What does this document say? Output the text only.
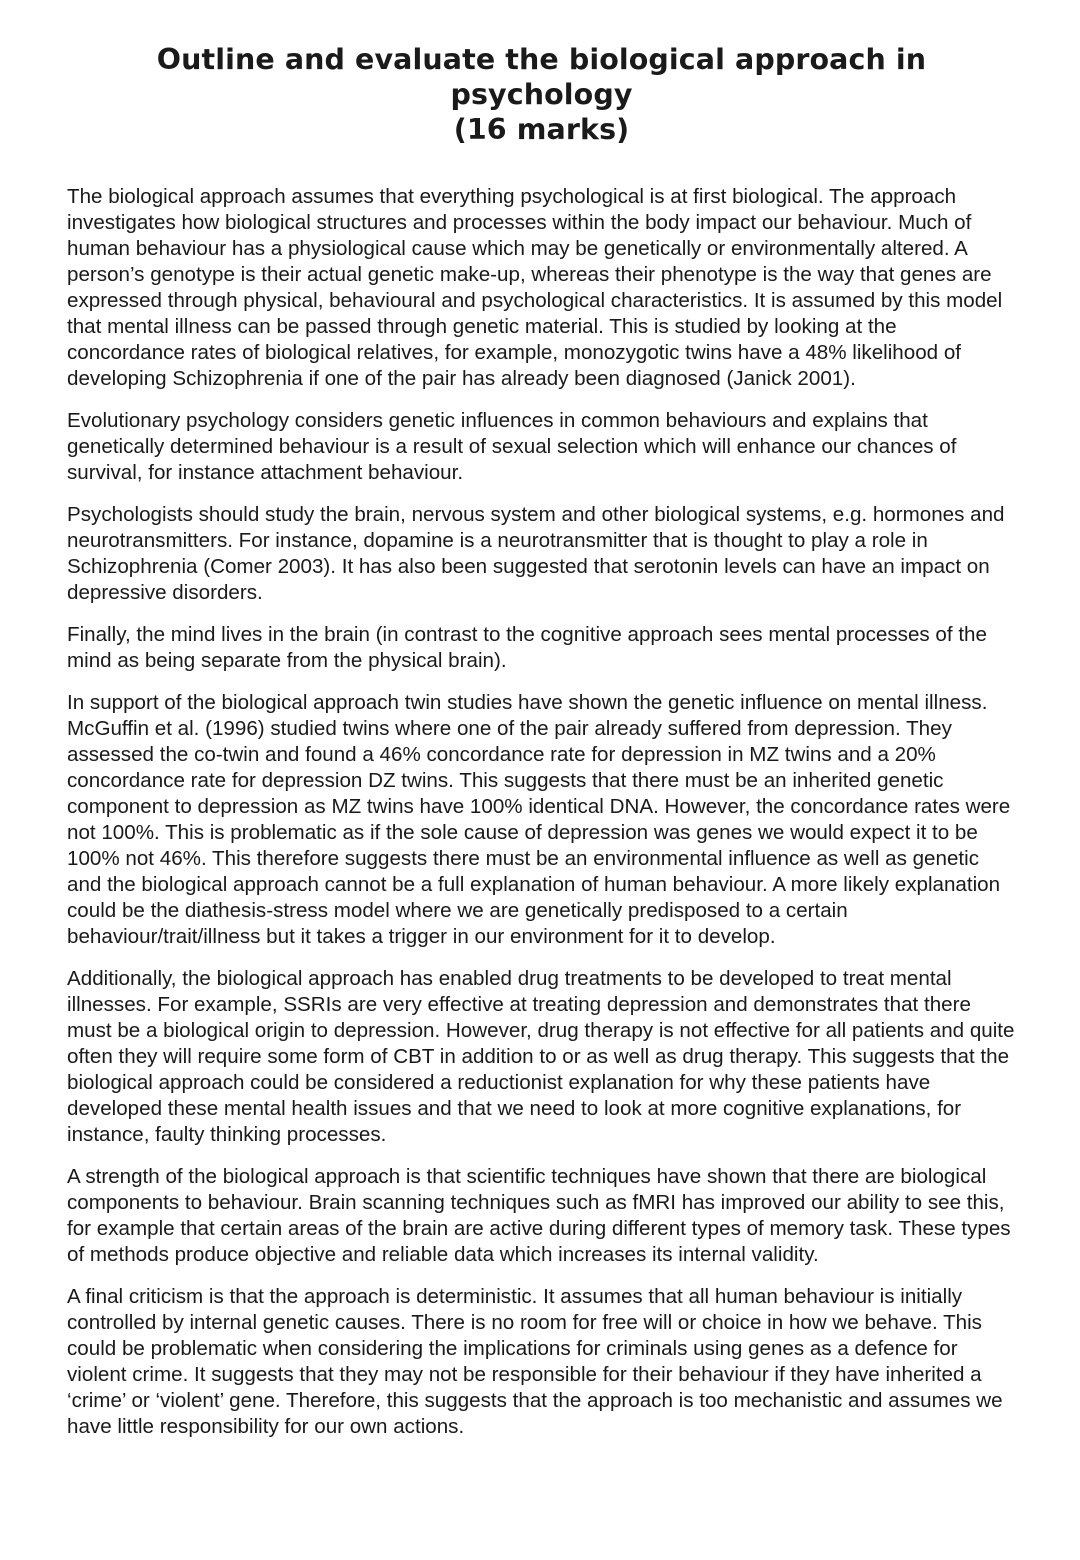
Outline and evaluate the biological approach in psychology
(16 marks)

The biological approach assumes that everything psychological is at first biological. The approach investigates how biological structures and processes within the body impact our behaviour. Much of human behaviour has a physiological cause which may be genetically or environmentally altered. A person’s genotype is their actual genetic make-up, whereas their phenotype is the way that genes are expressed through physical, behavioural and psychological characteristics. It is assumed by this model that mental illness can be passed through genetic material. This is studied by looking at the concordance rates of biological relatives, for example, monozygotic twins have a 48% likelihood of developing Schizophrenia if one of the pair has already been diagnosed (Janick 2001).

Evolutionary psychology considers genetic influences in common behaviours and explains that genetically determined behaviour is a result of sexual selection which will enhance our chances of survival, for instance attachment behaviour.

Psychologists should study the brain, nervous system and other biological systems, e.g. hormones and neurotransmitters. For instance, dopamine is a neurotransmitter that is thought to play a role in Schizophrenia (Comer 2003). It has also been suggested that serotonin levels can have an impact on depressive disorders.

Finally, the mind lives in the brain (in contrast to the cognitive approach sees mental processes of the mind as being separate from the physical brain).

In support of the biological approach twin studies have shown the genetic influence on mental illness. McGuffin et al. (1996) studied twins where one of the pair already suffered from depression. They assessed the co-twin and found a 46% concordance rate for depression in MZ twins and a 20% concordance rate for depression DZ twins. This suggests that there must be an inherited genetic component to depression as MZ twins have 100% identical DNA. However, the concordance rates were not 100%. This is problematic as if the sole cause of depression was genes we would expect it to be 100% not 46%. This therefore suggests there must be an environmental influence as well as genetic and the biological approach cannot be a full explanation of human behaviour. A more likely explanation could be the diathesis-stress model where we are genetically predisposed to a certain behaviour/trait/illness but it takes a trigger in our environment for it to develop.

Additionally, the biological approach has enabled drug treatments to be developed to treat mental illnesses. For example, SSRIs are very effective at treating depression and demonstrates that there must be a biological origin to depression. However, drug therapy is not effective for all patients and quite often they will require some form of CBT in addition to or as well as drug therapy. This suggests that the biological approach could be considered a reductionist explanation for why these patients have developed these mental health issues and that we need to look at more cognitive explanations, for instance, faulty thinking processes.

A strength of the biological approach is that scientific techniques have shown that there are biological components to behaviour. Brain scanning techniques such as fMRI has improved our ability to see this, for example that certain areas of the brain are active during different types of memory task. These types of methods produce objective and reliable data which increases its internal validity.

A final criticism is that the approach is deterministic. It assumes that all human behaviour is initially controlled by internal genetic causes. There is no room for free will or choice in how we behave. This could be problematic when considering the implications for criminals using genes as a defence for violent crime. It suggests that they may not be responsible for their behaviour if they have inherited a ‘crime’ or ‘violent’ gene. Therefore, this suggests that the approach is too mechanistic and assumes we have little responsibility for our own actions.
